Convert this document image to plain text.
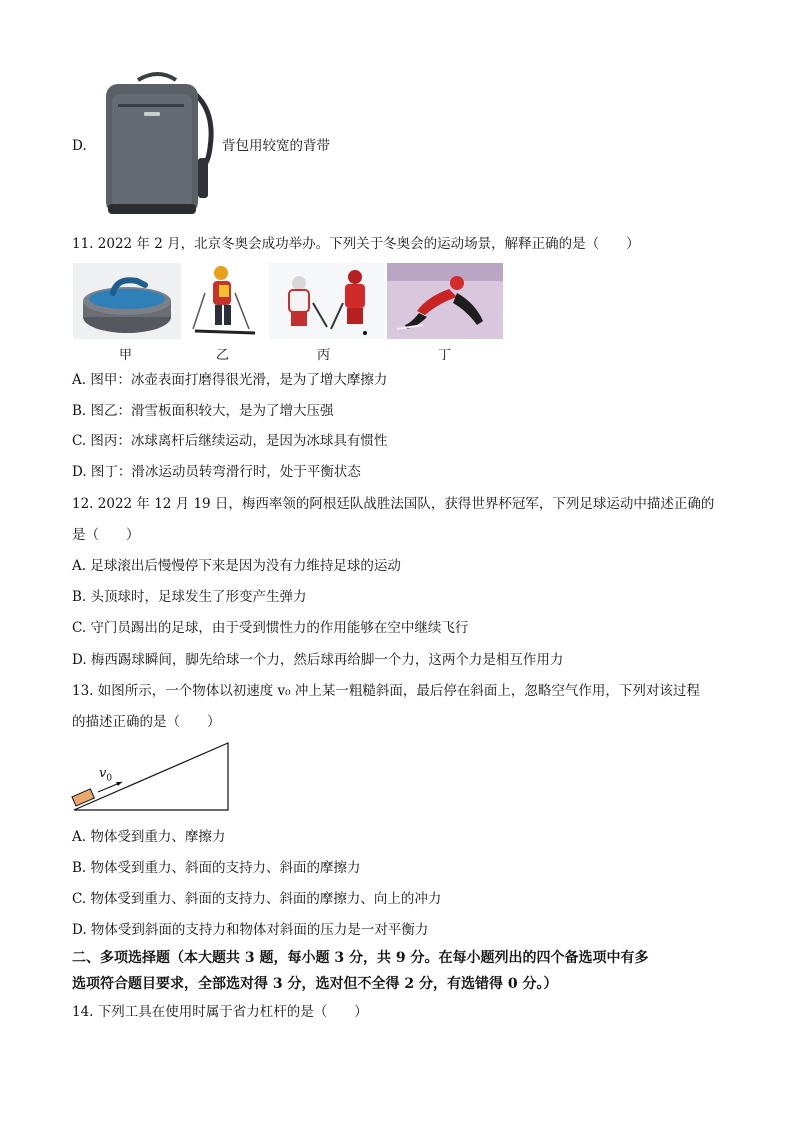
D.	背包用较宽的背带
11. 2022 年 2 月，北京冬奥会成功举办。下列关于冬奥会的运动场景，解释正确的是（　　）
甲	乙	丙	丁
A. 图甲：冰壶表面打磨得很光滑，是为了增大摩擦力
B. 图乙：滑雪板面积较大，是为了增大压强
C. 图丙：冰球离杆后继续运动，是因为冰球具有惯性
D. 图丁：滑冰运动员转弯滑行时，处于平衡状态
12. 2022 年 12 月 19 日，梅西率领的阿根廷队战胜法国队，获得世界杯冠军，下列足球运动中描述正确的
是（　　）
A. 足球滚出后慢慢停下来是因为没有力维持足球的运动
B. 头顶球时，足球发生了形变产生弹力
C. 守门员踢出的足球，由于受到惯性力的作用能够在空中继续飞行
D. 梅西踢球瞬间，脚先给球一个力，然后球再给脚一个力，这两个力是相互作用力
13. 如图所示，一个物体以初速度 v₀ 冲上某一粗糙斜面，最后停在斜面上，忽略空气作用，下列对该过程
的描述正确的是（　　）
$v_0$
A. 物体受到重力、摩擦力
B. 物体受到重力、斜面的支持力、斜面的摩擦力
C. 物体受到重力、斜面的支持力、斜面的摩擦力、向上的冲力
D. 物体受到斜面的支持力和物体对斜面的压力是一对平衡力
二、多项选择题（本大题共 3 题，每小题 3 分，共 9 分。在每小题列出的四个备选项中有多
选项符合题目要求，全部选对得 3 分，选对但不全得 2 分，有选错得 0 分。）
14. 下列工具在使用时属于省力杠杆的是（　　）
